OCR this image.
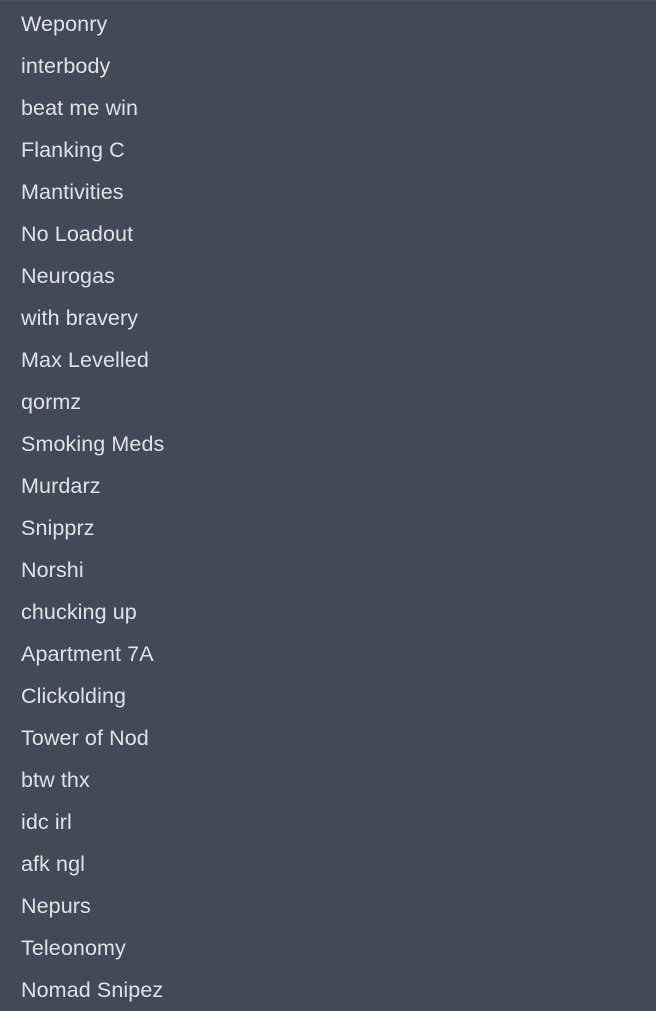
Weponry
interbody
beat me win
Flanking C
Mantivities
No Loadout
Neurogas
with bravery
Max Levelled
qormz
Smoking Meds
Murdarz
Snipprz
Norshi
chucking up
Apartment 7A
Clickolding
Tower of Nod
btw thx
idc irl
afk ngl
Nepurs
Teleonomy
Nomad Snipez
